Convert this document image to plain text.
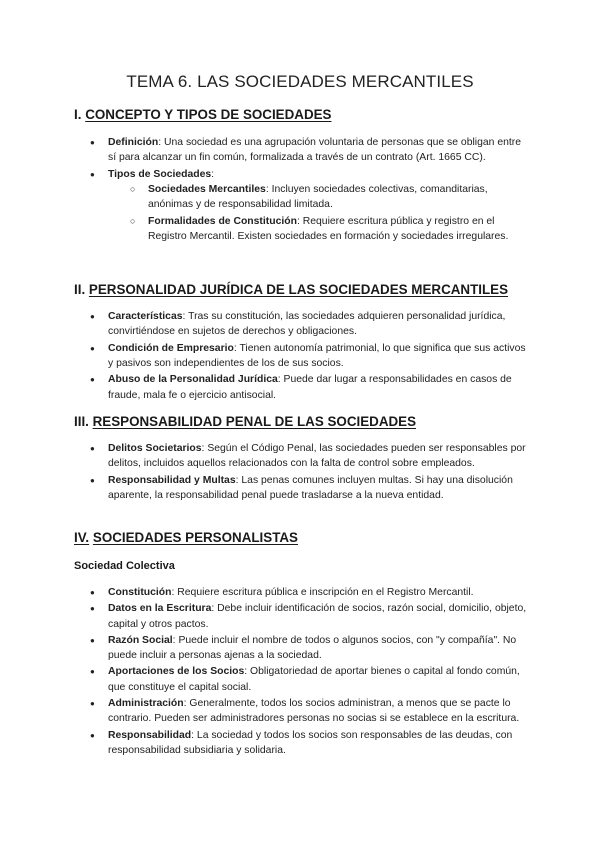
TEMA 6. LAS SOCIEDADES MERCANTILES
I. CONCEPTO Y TIPOS DE SOCIEDADES
● Definición: Una sociedad es una agrupación voluntaria de personas que se obligan entre sí para alcanzar un fin común, formalizada a través de un contrato (Art. 1665 CC).
● Tipos de Sociedades:
○ Sociedades Mercantiles: Incluyen sociedades colectivas, comanditarias, anónimas y de responsabilidad limitada.
○ Formalidades de Constitución: Requiere escritura pública y registro en el Registro Mercantil. Existen sociedades en formación y sociedades irregulares.
II. PERSONALIDAD JURÍDICA DE LAS SOCIEDADES MERCANTILES
● Características: Tras su constitución, las sociedades adquieren personalidad jurídica, convirtiéndose en sujetos de derechos y obligaciones.
● Condición de Empresario: Tienen autonomía patrimonial, lo que significa que sus activos y pasivos son independientes de los de sus socios.
● Abuso de la Personalidad Jurídica: Puede dar lugar a responsabilidades en casos de fraude, mala fe o ejercicio antisocial.
III. RESPONSABILIDAD PENAL DE LAS SOCIEDADES
● Delitos Societarios: Según el Código Penal, las sociedades pueden ser responsables por delitos, incluidos aquellos relacionados con la falta de control sobre empleados.
● Responsabilidad y Multas: Las penas comunes incluyen multas. Si hay una disolución aparente, la responsabilidad penal puede trasladarse a la nueva entidad.
IV. SOCIEDADES PERSONALISTAS
Sociedad Colectiva
● Constitución: Requiere escritura pública e inscripción en el Registro Mercantil.
● Datos en la Escritura: Debe incluir identificación de socios, razón social, domicilio, objeto, capital y otros pactos.
● Razón Social: Puede incluir el nombre de todos o algunos socios, con "y compañía". No puede incluir a personas ajenas a la sociedad.
● Aportaciones de los Socios: Obligatoriedad de aportar bienes o capital al fondo común, que constituye el capital social.
● Administración: Generalmente, todos los socios administran, a menos que se pacte lo contrario. Pueden ser administradores personas no socias si se establece en la escritura.
● Responsabilidad: La sociedad y todos los socios son responsables de las deudas, con responsabilidad subsidiaria y solidaria.
